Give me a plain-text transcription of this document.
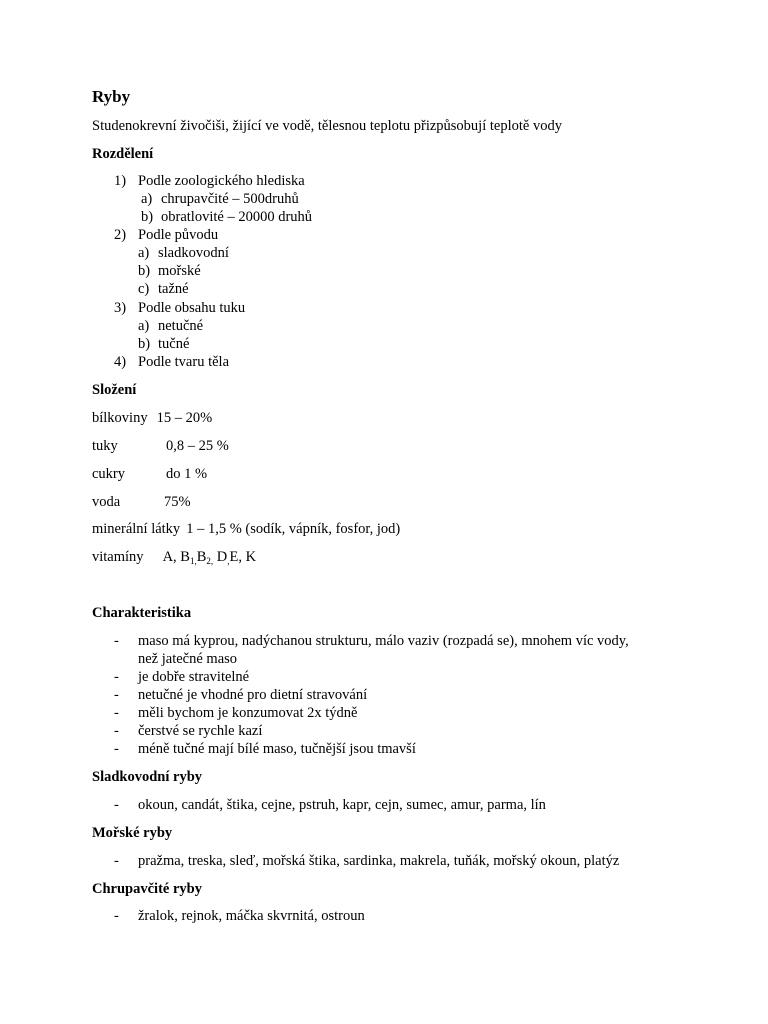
Ryby
Studenokrevní živočiši, žijící ve vodě, tělesnou teplotu přizpůsobují teplotě vody
Rozdělení
1) Podle zoologického hlediska
a) chrupavčité – 500druhů
b) obratlovité – 20000 druhů
2) Podle původu
a) sladkovodní
b) mořské
c) tažné
3) Podle obsahu tuku
a) netučné
b) tučné
4) Podle tvaru těla
Složení
bílkoviny 15 – 20%
tuky	0,8 – 25 %
cukry	do 1 %
voda	75%
minerální látky 1 – 1,5 % (sodík, vápník, fosfor, jod)
vitamíny A, $B_{1,}B_{2,}$ $D_,E$, K
Charakteristika
- maso má kyprou, nadýchanou strukturu, málo vaziv (rozpadá se), mnohem víc vody,
než jatečné maso
- je dobře stravitelné
- netučné je vhodné pro dietní stravování
- měli bychom je konzumovat 2x týdně
- čerstvé se rychle kazí
- méně tučné mají bílé maso, tučnější jsou tmavší
Sladkovodní ryby
- okoun, candát, štika, cejne, pstruh, kapr, cejn, sumec, amur, parma, lín
Mořské ryby
- pražma, treska, sleď, mořská štika, sardinka, makrela, tuňák, mořský okoun, platýz
Chrupavčité ryby
- žralok, rejnok, máčka skvrnitá, ostroun
